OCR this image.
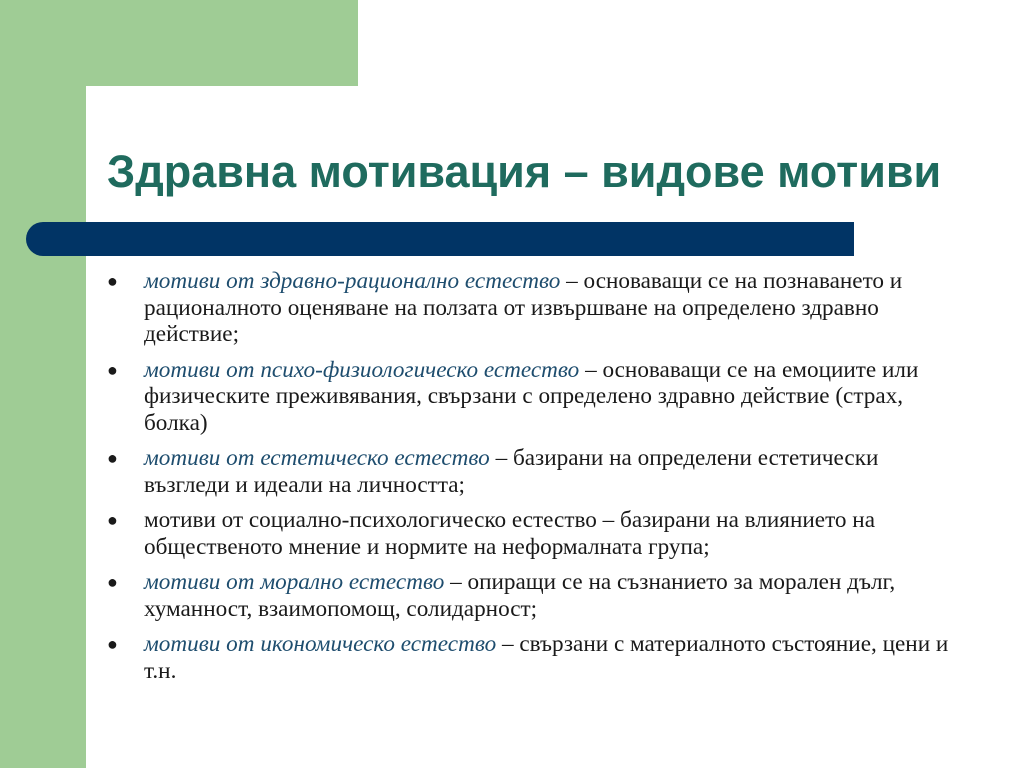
Здравна мотивация – видове мотиви
● мотиви от здравно-рационално естество – основаващи се на познаването и рационалното оценяване на ползата от извършване на определено здравно действие;
● мотиви от психо-физиологическо естество – основаващи се на емоциите или физическите преживявания, свързани с определено здравно действие (страх, болка)
● мотиви от естетическо естество – базирани на определени естетически възгледи и идеали на личността;
● мотиви от социално-психологическо естество – базирани на влиянието на общественото мнение и нормите на неформалната група;
● мотиви от морално естество – опиращи се на съзнанието за морален дълг, хуманност, взаимопомощ, солидарност;
● мотиви от икономическо естество – свързани с материалното състояние, цени и т.н.
